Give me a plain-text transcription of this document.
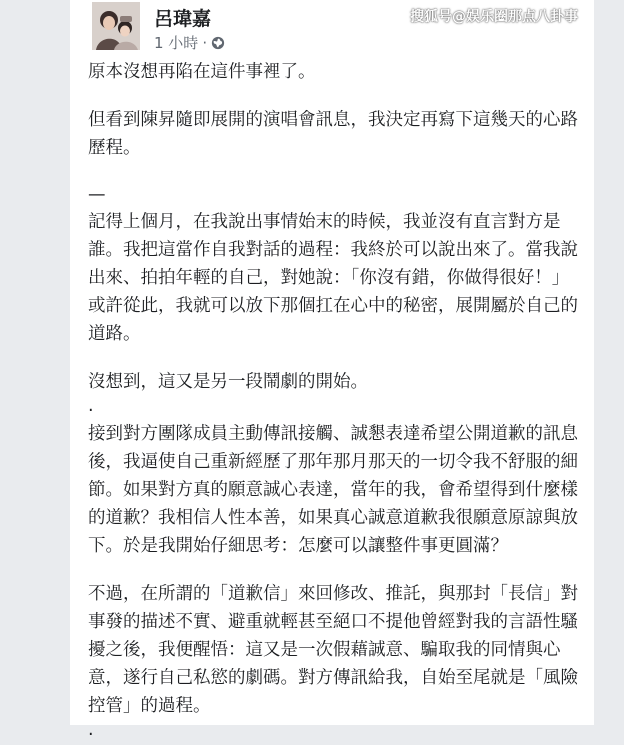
呂瑋嘉
1 小時 ·
搜狐号@娱乐圈那点八卦事

原本沒想再陷在這件事裡了。

但看到陳昇隨即展開的演唱會訊息，我決定再寫下這幾天的心路歷程。

—

記得上個月，在我說出事情始末的時候，我並沒有直言對方是誰。我把這當作自我對話的過程：我終於可以說出來了。當我說出來、拍拍年輕的自己，對她說：「你沒有錯，你做得很好！」或許從此，我就可以放下那個扛在心中的秘密，展開屬於自己的道路。

沒想到，這又是另一段鬧劇的開始。

·

接到對方團隊成員主動傳訊接觸、誠懇表達希望公開道歉的訊息後，我逼使自己重新經歷了那年那月那天的一切令我不舒服的細節。如果對方真的願意誠心表達，當年的我，會希望得到什麼樣的道歉？我相信人性本善，如果真心誠意道歉我很願意原諒與放下。於是我開始仔細思考：怎麼可以讓整件事更圓滿？

不過，在所謂的「道歉信」來回修改、推託，與那封「長信」對事發的描述不實、避重就輕甚至絕口不提他曾經對我的言語性騷擾之後，我便醒悟：這又是一次假藉誠意、騙取我的同情與心意，遂行自己私慾的劇碼。對方傳訊給我，自始至尾就是「風險控管」的過程。

·
